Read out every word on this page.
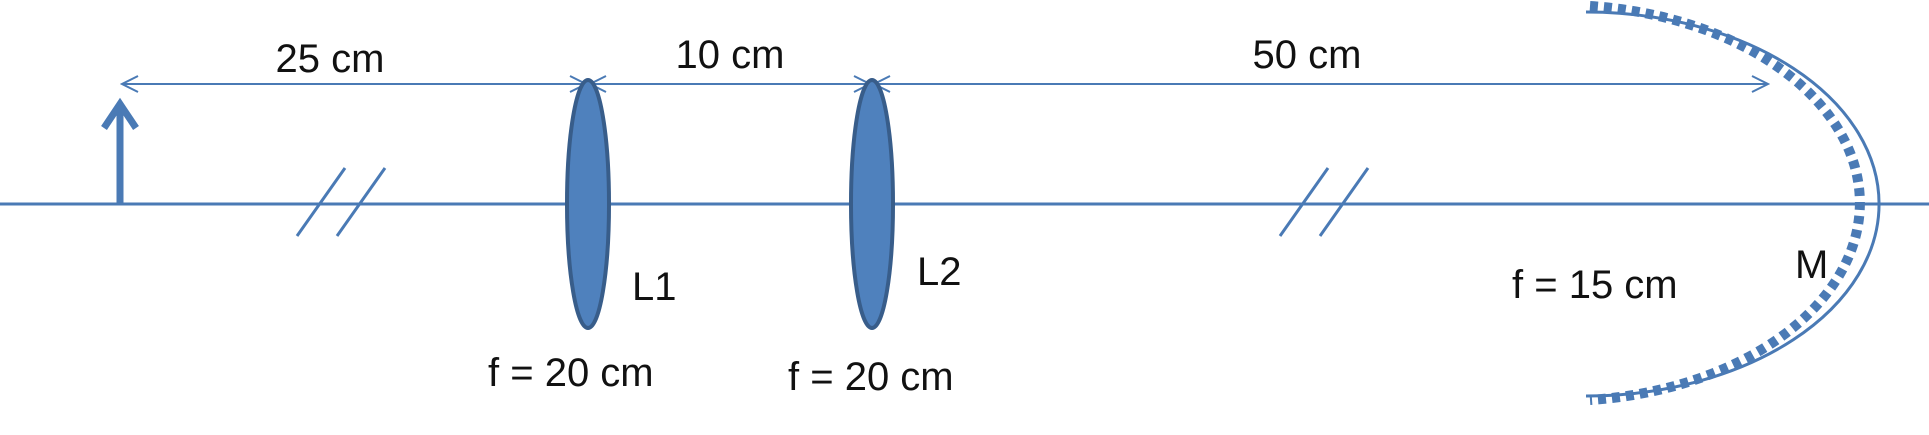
25 cm	10 cm	50 cm
L1
f = 20 cm
L2
f = 20 cm
M
f = 15 cm
